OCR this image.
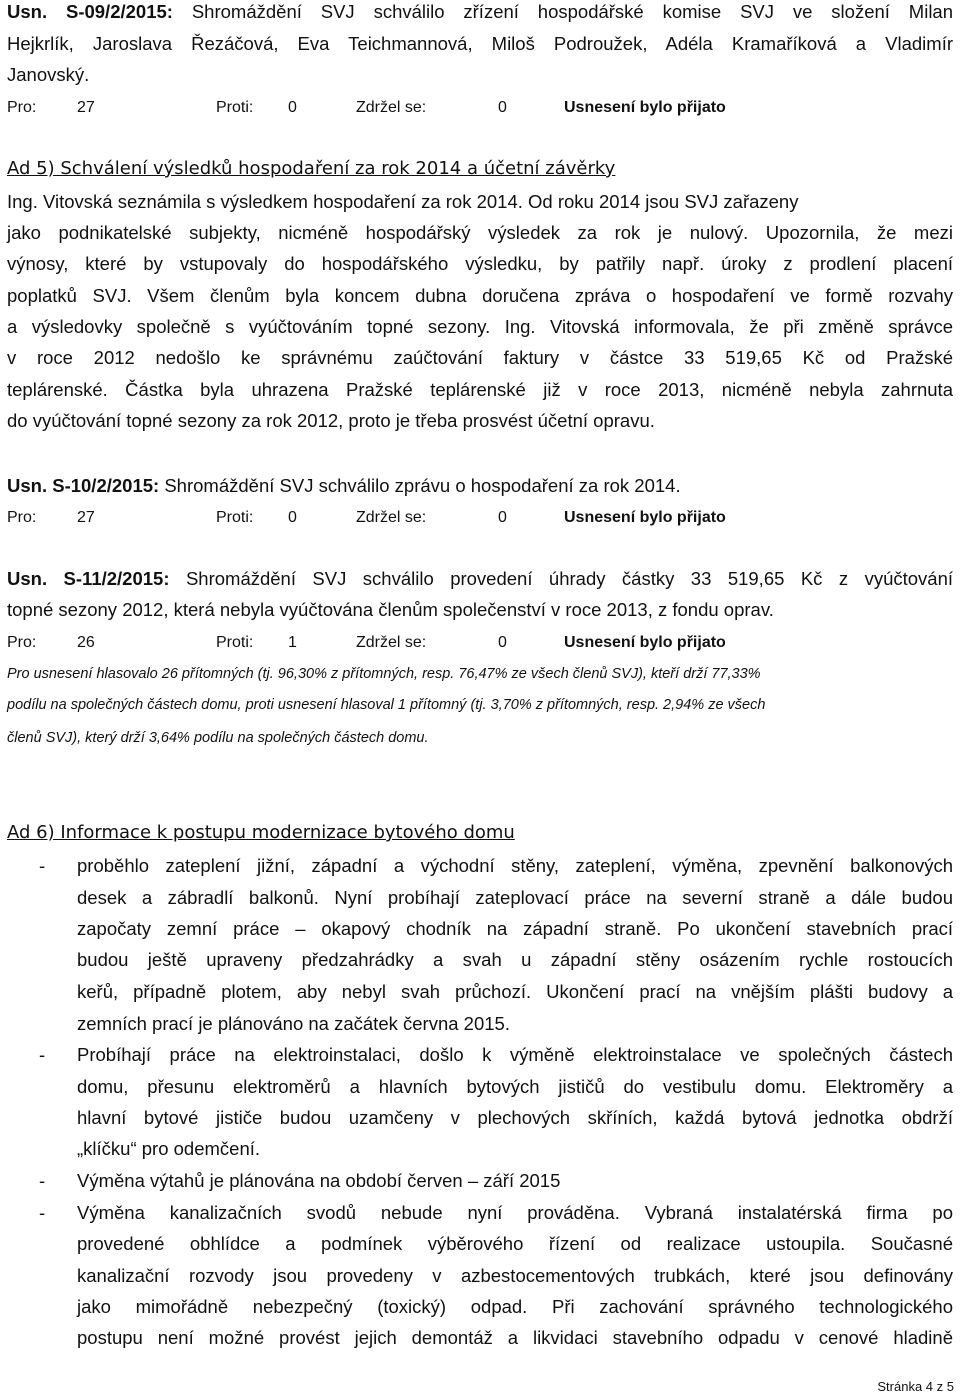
Usn. S-09/2/2015: Shromáždění SVJ schválilo zřízení hospodářské komise SVJ ve složení Milan
Hejkrlík, Jaroslava Řezáčová, Eva Teichmannová, Miloš Podroužek, Adéla Kramaříková a Vladimír
Janovský.
Pro:	27	Proti: 0	Zdržel se:	0	Usnesení bylo přijato
Ad 5) Schválení výsledků hospodaření za rok 2014 a účetní závěrky
Ing. Vitovská seznámila s výsledkem hospodaření za rok 2014. Od roku 2014 jsou SVJ zařazeny
jako podnikatelské subjekty, nicméně hospodářský výsledek za rok je nulový. Upozornila, že mezi
výnosy, které by vstupovaly do hospodářského výsledku, by patřily např. úroky z prodlení placení
poplatků SVJ. Všem členům byla koncem dubna doručena zpráva o hospodaření ve formě rozvahy
a výsledovky společně s vyúčtováním topné sezony. Ing. Vitovská informovala, že při změně správce
v roce 2012 nedošlo ke správnému zaúčtování faktury v částce 33 519,65 Kč od Pražské
teplárenské. Částka byla uhrazena Pražské teplárenské již v roce 2013, nicméně nebyla zahrnuta
do vyúčtování topné sezony za rok 2012, proto je třeba prosvést účetní opravu.
Usn. S-10/2/2015: Shromáždění SVJ schválilo zprávu o hospodaření za rok 2014.
Pro:	27	Proti: 0	Zdržel se:	0	Usnesení bylo přijato
Usn. S-11/2/2015: Shromáždění SVJ schválilo provedení úhrady částky 33 519,65 Kč z vyúčtování
topné sezony 2012, která nebyla vyúčtována členům společenství v roce 2013, z fondu oprav.
Pro:	26	Proti: 1	Zdržel se:	0	Usnesení bylo přijato
Pro usnesení hlasovalo 26 přítomných (tj. 96,30% z přítomných, resp. 76,47% ze všech členů SVJ), kteří drží 77,33%
podílu na společných částech domu, proti usnesení hlasoval 1 přítomný (tj. 3,70% z přítomných, resp. 2,94% ze všech
členů SVJ), který drží 3,64% podílu na společných částech domu.
Ad 6) Informace k postupu modernizace bytového domu
- proběhlo zateplení jižní, západní a východní stěny, zateplení, výměna, zpevnění balkonových
desek a zábradlí balkonů. Nyní probíhají zateplovací práce na severní straně a dále budou
započaty zemní práce – okapový chodník na západní straně. Po ukončení stavebních prací
budou ještě upraveny předzahrádky a svah u západní stěny osázením rychle rostoucích
keřů, případně plotem, aby nebyl svah průchozí. Ukončení prací na vnějším plášti budovy a
zemních prací je plánováno na začátek června 2015.
- Probíhají práce na elektroinstalaci, došlo k výměně elektroinstalace ve společných částech
domu, přesunu elektroměrů a hlavních bytových jističů do vestibulu domu. Elektroměry a
hlavní bytové jističe budou uzamčeny v plechových skříních, každá bytová jednotka obdrží
„klíčku“ pro odemčení.
- Výměna výtahů je plánována na období červen – září 2015
- Výměna kanalizačních svodů nebude nyní prováděna. Vybraná instalatérská firma po
provedené obhlídce a podmínek výběrového řízení od realizace ustoupila. Současné
kanalizační rozvody jsou provedeny v azbestocementových trubkách, které jsou definovány
jako mimořádně nebezpečný (toxický) odpad. Při zachování správného technologického
postupu není možné provést jejich demontáž a likvidaci stavebního odpadu v cenové hladině
Stránka 4 z 5
